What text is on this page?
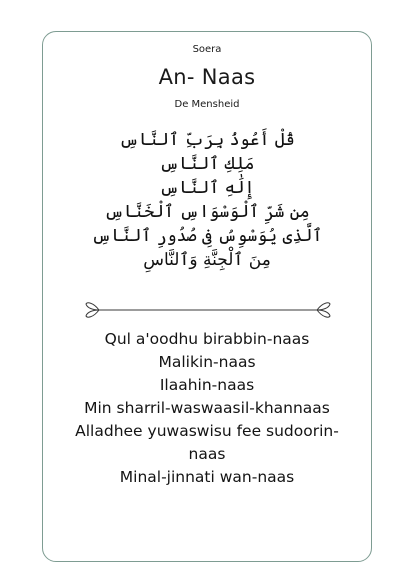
Soera
An- Naas
De Mensheid
قُلْ أَعُوذُ بِرَبِّ ٱلنَّاسِ
مَلِكِ ٱلنَّاسِ
إِلَٰهِ ٱلنَّاسِ
مِن شَرِّ ٱلْوَسْوَاسِ ٱلْخَنَّاسِ
ٱلَّذِى يُوَسْوِسُ فِى صُدُورِ ٱلنَّاسِ
مِنَ ٱلْجِنَّةِ وَٱلنَّاسِ
Qul a'oodhu birabbin-naas
Malikin-naas
Ilaahin-naas
Min sharril-waswaasil-khannaas
Alladhee yuwaswisu fee sudoorin-
naas
Minal-jinnati wan-naas
